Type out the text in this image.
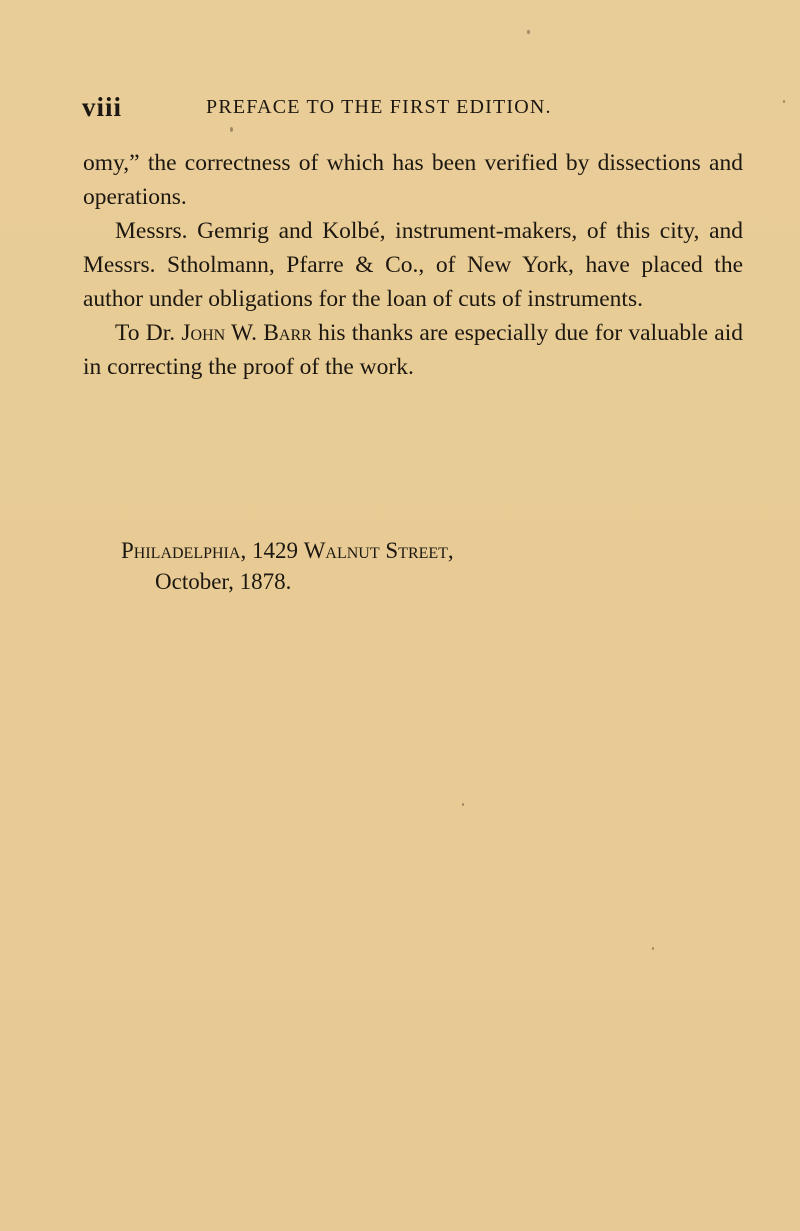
viii	PREFACE TO THE FIRST EDITION.

omy,” the correctness of which has been verified by dissections and operations.

Messrs. Gemrig and Kolbé, instrument-makers, of this city, and Messrs. Stholmann, Pfarre & Co., of New York, have placed the author under obligations for the loan of cuts of instruments.

To Dr. John W. Barr his thanks are especially due for valuable aid in correcting the proof of the work.

Philadelphia, 1429 Walnut Street,
October, 1878.
